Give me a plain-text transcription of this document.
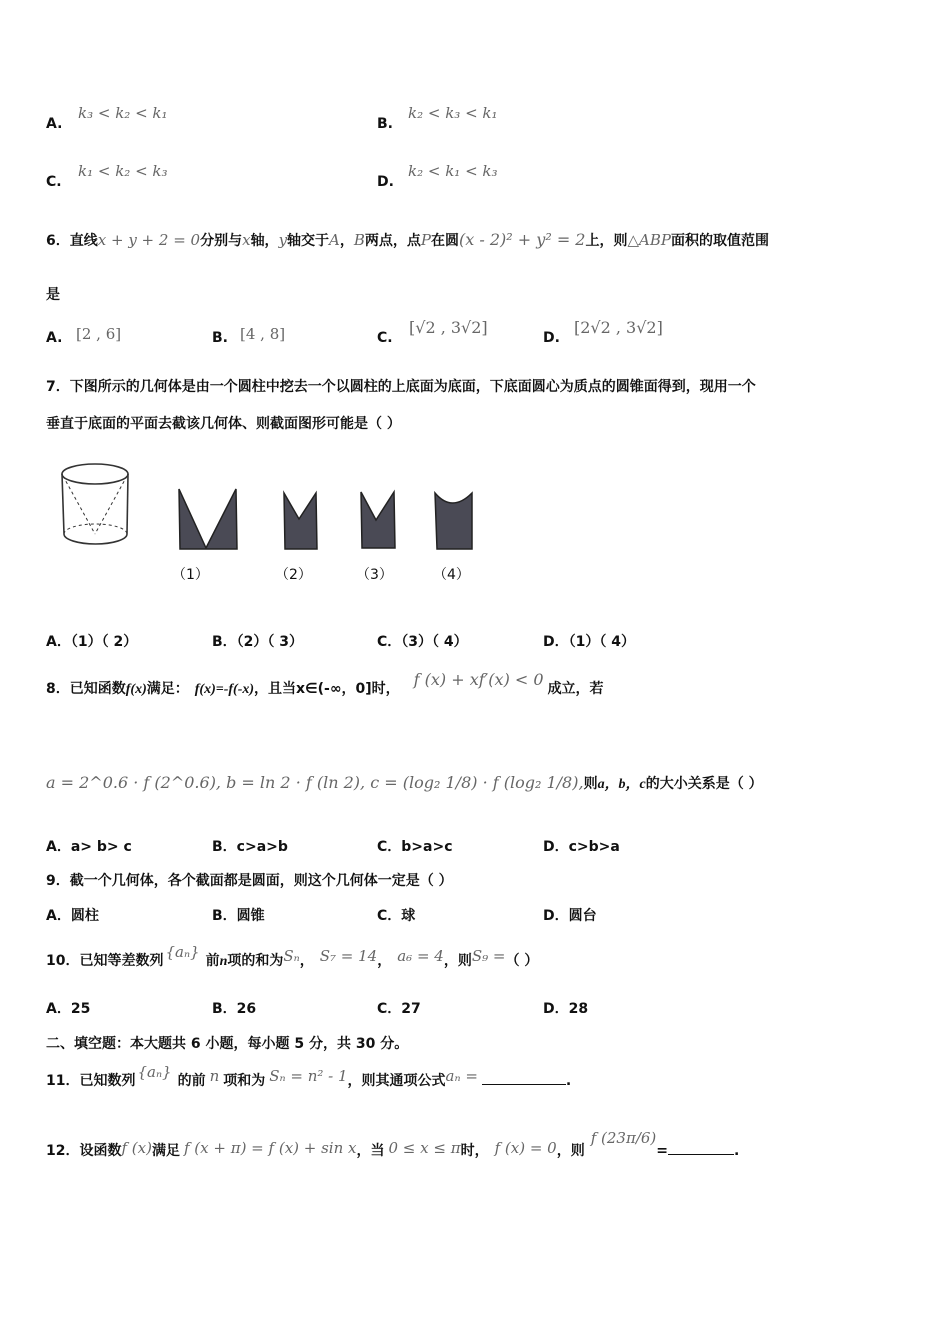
A.
k₃ < k₂ < k₁
B.
k₂ < k₃ < k₁
C.
k₁ < k₂ < k₃
D.
k₂ < k₁ < k₃
6． 直线 x + y + 2 = 0 分别与 x 轴， y 轴交于 A ， B 两点，点 P 在圆 (x - 2)² + y² = 2 上，则 △ABP 面积的取值范围
是
A. [2 , 6]	B. [4 , 8]	C.
[√2 , 3√2]
D.
[2√2 , 3√2]
7．下图所示的几何体是由一个圆柱中挖去一个以圆柱的上底面为底面，下底面圆心为质点的圆锥面得到，现用一个
垂直于底面的平面去截该几何体、则截面图形可能是（ ）
（1）	（2）	（3）	（4）
A．（1）（ 2）	B．（2）（ 3）	C．（3）（ 4）	D．（1）（ 4）
8．已知函数 f(x) 满足： f(x)=-f(-x) ，且当 x∈(-∞，0] 时， f (x) + xf′(x) < 0 成立，若
a = 2^0.6 · f (2^0.6), b = ln 2 · f (ln 2), c = (log₂ 1/8) · f (log₂ 1/8), 则 a，b，c 的大小关系是（ ）
A．a> b> c	B．c>a>b	C．b>a>c	D．c>b>a
9．截一个几何体，各个截面都是圆面，则这个几何体一定是（ ）
A．圆柱	B．圆锥	C．球	D．圆台
10．已知等差数列 {aₙ} 前 n 项的和为 Sₙ ， S₇ = 14 ， a₆ = 4 ，则 S₉ = （ ）
A．25	B．26	C．27	D．28
二、填空题：本大题共 6 小题，每小题 5 分，共 30 分。
11．已知数列 {aₙ} 的前 n 项和为 Sₙ = n² - 1 ，则其通项公式 aₙ =	.
12．设函数 f (x) 满足 f (x + π) = f (x) + sin x ，当 0 ≤ x ≤ π 时， f (x) = 0 ，则
f (23π/6)
=	.
